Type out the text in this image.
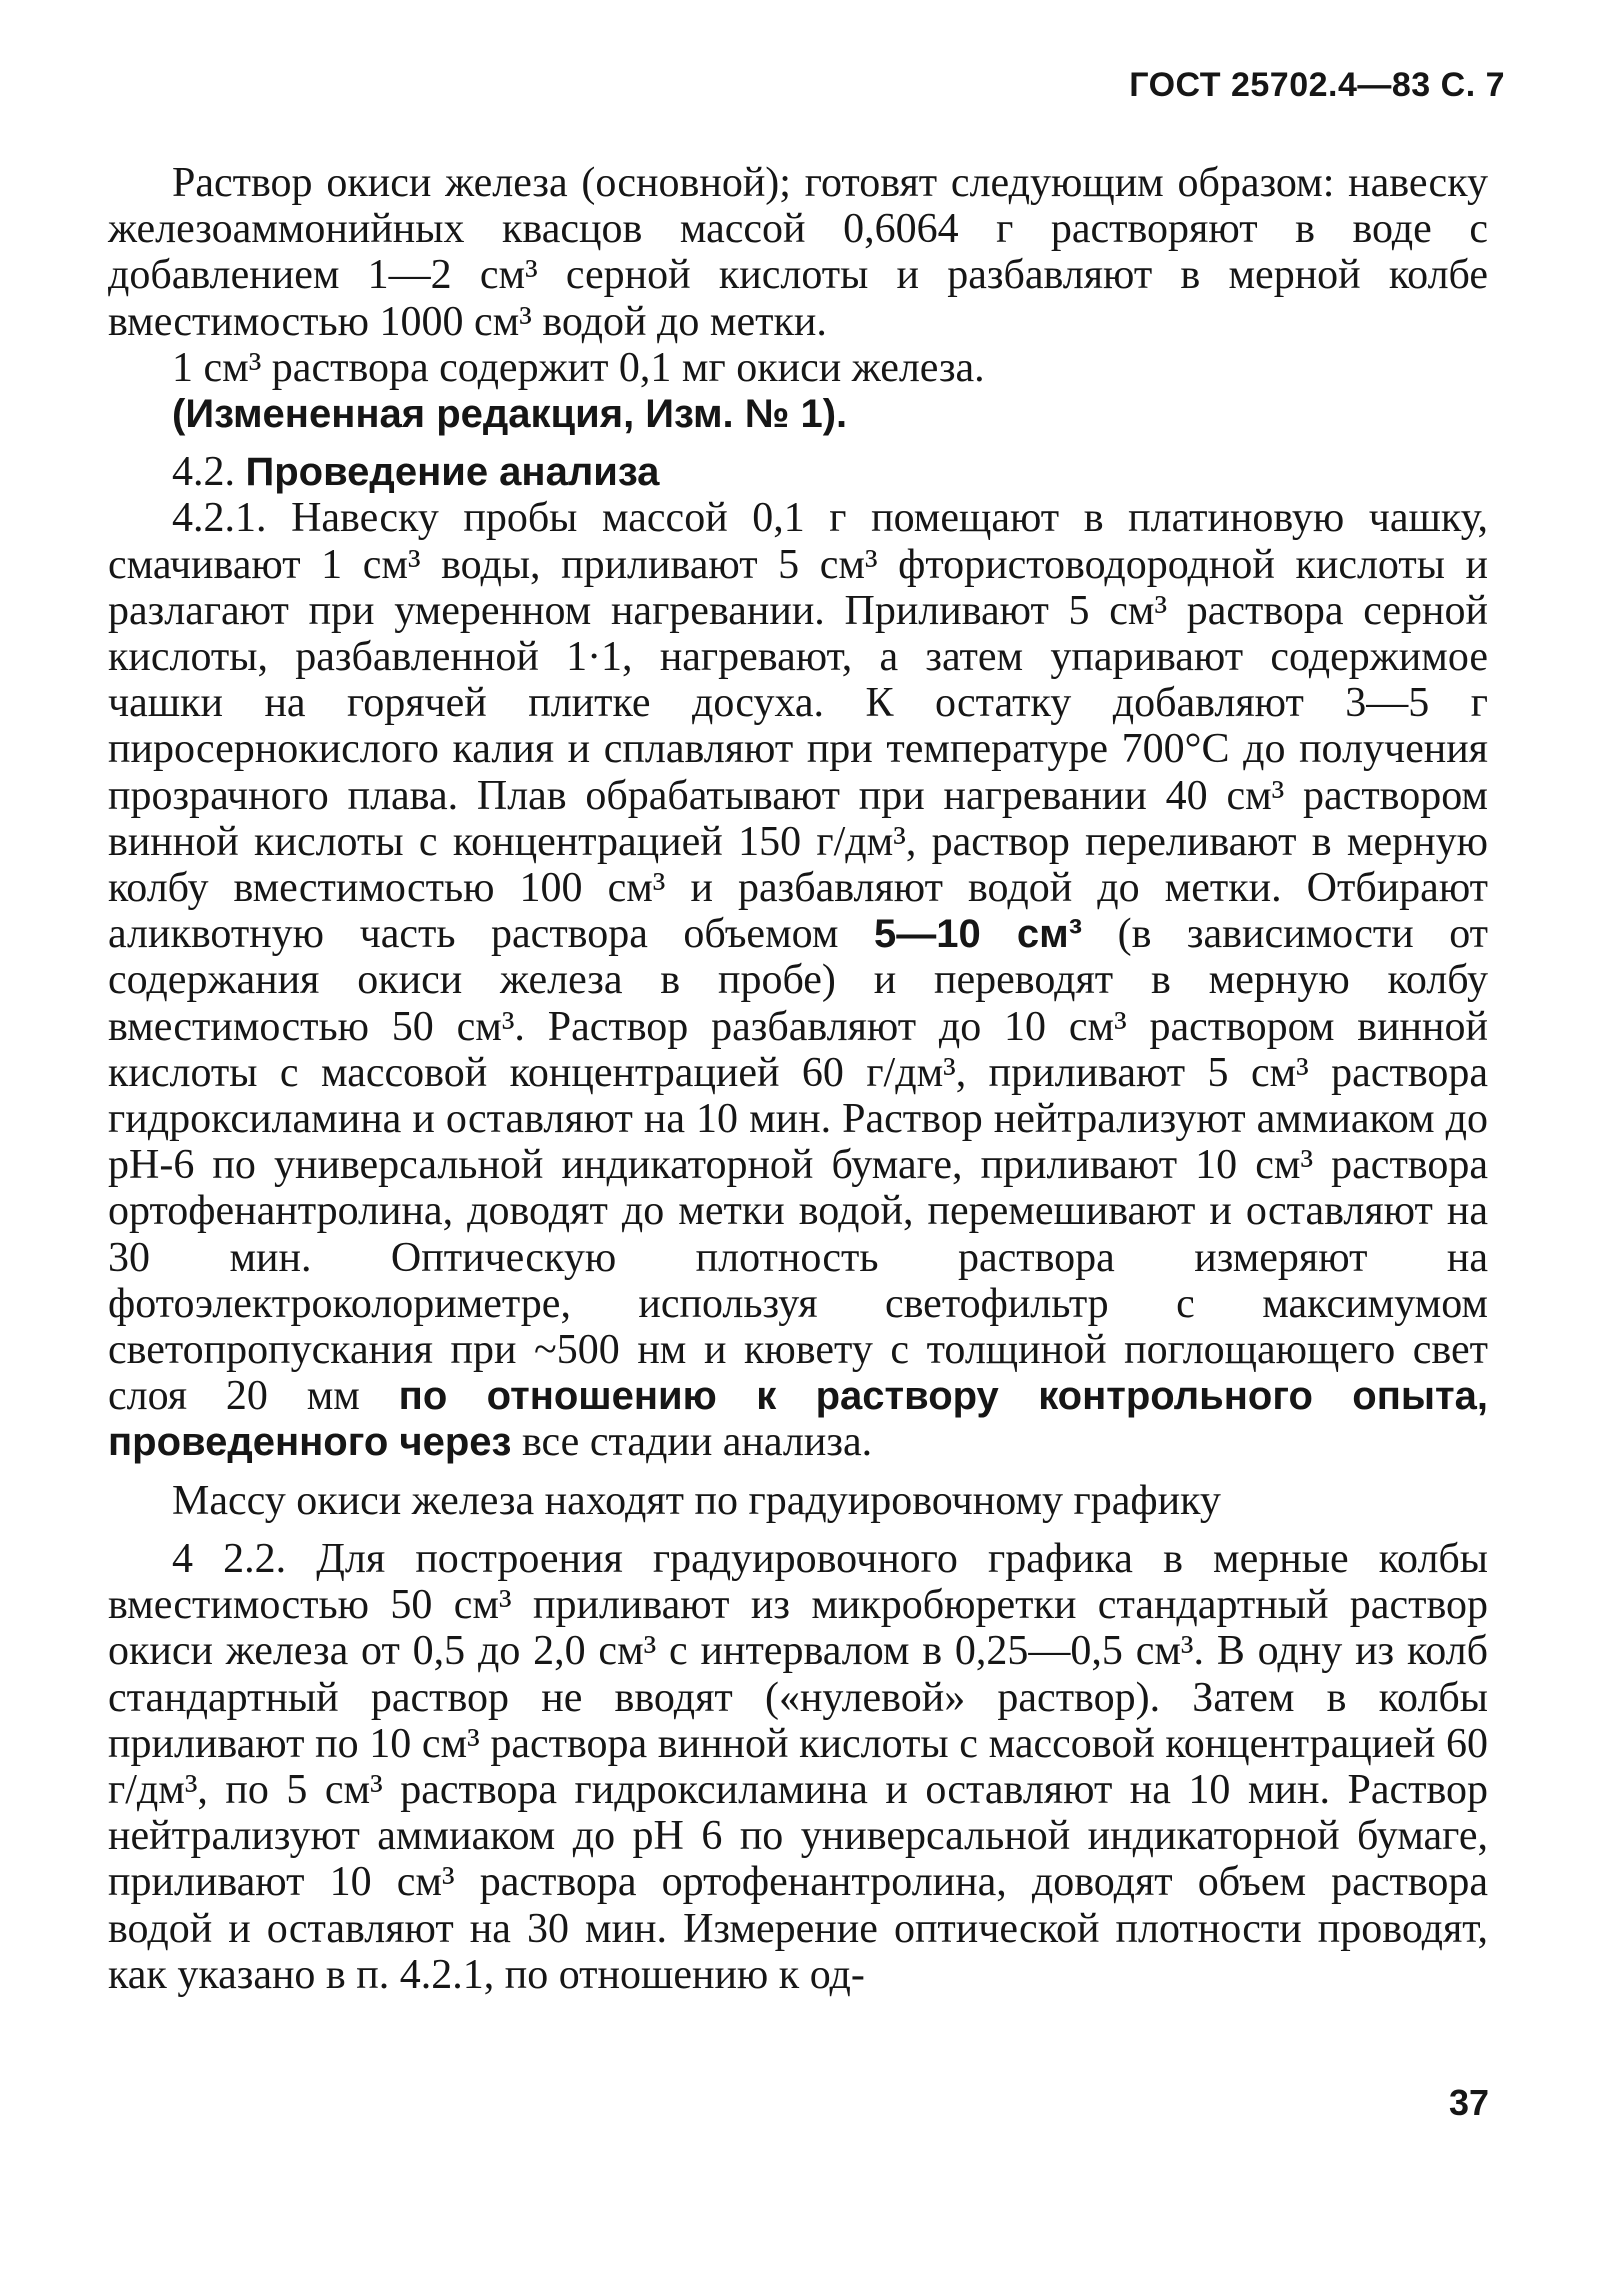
ГОСТ 25702.4—83 С. 7

Раствор окиси железа (основной); готовят следующим образом: навеску железоаммонийных квасцов массой 0,6064 г растворяют в воде с добавлением 1—2 см³ серной кислоты и разбавляют в мерной колбе вместимостью 1000 см³ водой до метки.

1 см³ раствора содержит 0,1 мг окиси железа.

(Измененная редакция, Изм. № 1).

4.2. Проведение анализа

4.2.1. Навеску пробы массой 0,1 г помещают в платиновую чашку, смачивают 1 см³ воды, приливают 5 см³ фтористоводородной кислоты и разлагают при умеренном нагревании. Приливают 5 см³ раствора серной кислоты, разбавленной 1·1, нагревают, а затем упаривают содержимое чашки на горячей плитке досуха. К остатку добавляют 3—5 г пиросернокислого калия и сплавляют при температуре 700°С до получения прозрачного плава. Плав обрабатывают при нагревании 40 см³ раствором винной кислоты с концентрацией 150 г/дм³, раствор переливают в мерную колбу вместимостью 100 см³ и разбавляют водой до метки. Отбирают аликвотную часть раствора объемом 5—10 см³ (в зависимости от содержания окиси железа в пробе) и переводят в мерную колбу вместимостью 50 см³. Раствор разбавляют до 10 см³ раствором винной кислоты с массовой концентрацией 60 г/дм³, приливают 5 см³ раствора гидроксиламина и оставляют на 10 мин. Раствор нейтрализуют аммиаком до рН-6 по универсальной индикаторной бумаге, приливают 10 см³ раствора ортофенантролина, доводят до метки водой, перемешивают и оставляют на 30 мин. Оптическую плотность раствора измеряют на фотоэлектроколориметре, используя светофильтр с максимумом светопропускания при ~500 нм и кювету с толщиной поглощающего свет слоя 20 мм по отношению к раствору контрольного опыта, проведенного через все стадии анализа.

Массу окиси железа находят по градуировочному графику

4 2.2. Для построения градуировочного графика в мерные колбы вместимостью 50 см³ приливают из микробюретки стандартный раствор окиси железа от 0,5 до 2,0 см³ с интервалом в 0,25—0,5 см³. В одну из колб стандартный раствор не вводят («нулевой» раствор). Затем в колбы приливают по 10 см³ раствора винной кислоты с массовой концентрацией 60 г/дм³, по 5 см³ раствора гидроксиламина и оставляют на 10 мин. Раствор нейтрализуют аммиаком до рН 6 по универсальной индикаторной бумаге, приливают 10 см³ раствора ортофенантролина, доводят объем раствора водой и оставляют на 30 мин. Измерение оптической плотности проводят, как указано в п. 4.2.1, по отношению к од-

37
